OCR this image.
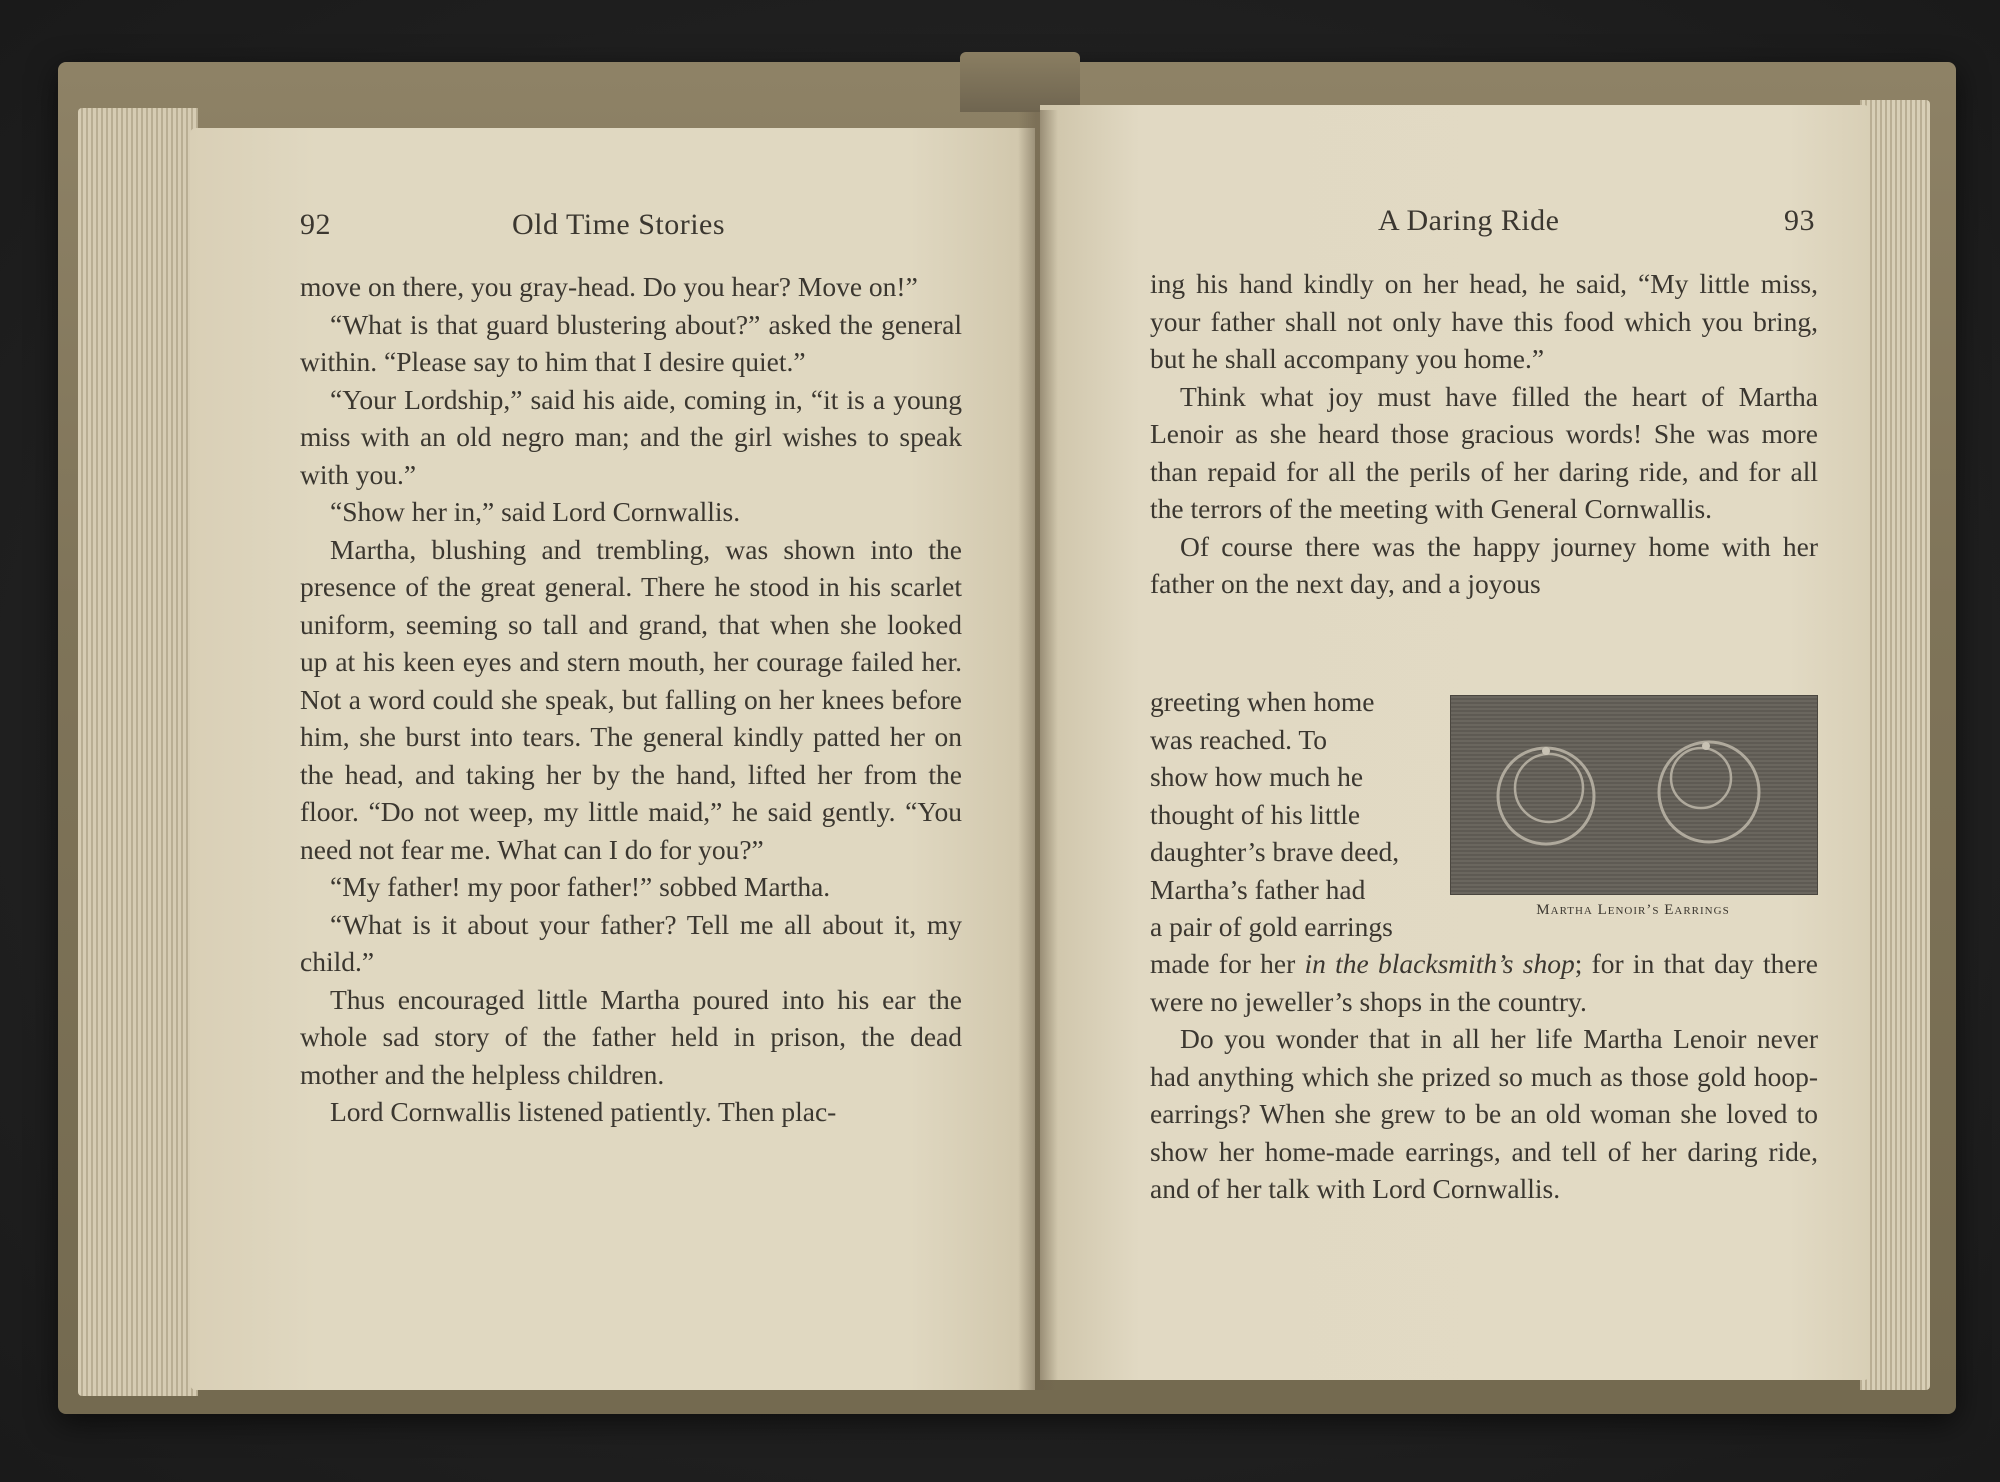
92	Old Time Stories

move on there, you gray-head. Do you hear? Move on!”

“What is that guard blustering about?” asked the general within. “Please say to him that I desire quiet.”

“Your Lordship,” said his aide, coming in, “it is a young miss with an old negro man; and the girl wishes to speak with you.”

“Show her in,” said Lord Cornwallis.

Martha, blushing and trembling, was shown into the presence of the great general. There he stood in his scarlet uniform, seeming so tall and grand, that when she looked up at his keen eyes and stern mouth, her courage failed her. Not a word could she speak, but falling on her knees before him, she burst into tears. The general kindly patted her on the head, and taking her by the hand, lifted her from the floor. “Do not weep, my little maid,” he said gently. “You need not fear me. What can I do for you?”

“My father! my poor father!” sobbed Martha.

“What is it about your father? Tell me all about it, my child.”

Thus encouraged little Martha poured into his ear the whole sad story of the father held in prison, the dead mother and the helpless children.

Lord Cornwallis listened patiently. Then plac-

A Daring Ride	93

ing his hand kindly on her head, he said, “My little miss, your father shall not only have this food which you bring, but he shall accompany you home.”

Think what joy must have filled the heart of Martha Lenoir as she heard those gracious words! She was more than repaid for all the perils of her daring ride, and for all the terrors of the meeting with General Cornwallis.

Of course there was the happy journey home with her father on the next day, and a joyous

greeting when home
was reached. To
show how much he
thought of his little
daughter’s brave deed,
Martha’s father had
a pair of gold earrings
Martha Lenoir’s Earrings

made for her in the blacksmith’s shop; for in that day there were no jeweller’s shops in the country.

Do you wonder that in all her life Martha Lenoir never had anything which she prized so much as those gold hoop-earrings? When she grew to be an old woman she loved to show her home-made earrings, and tell of her daring ride, and of her talk with Lord Cornwallis.
